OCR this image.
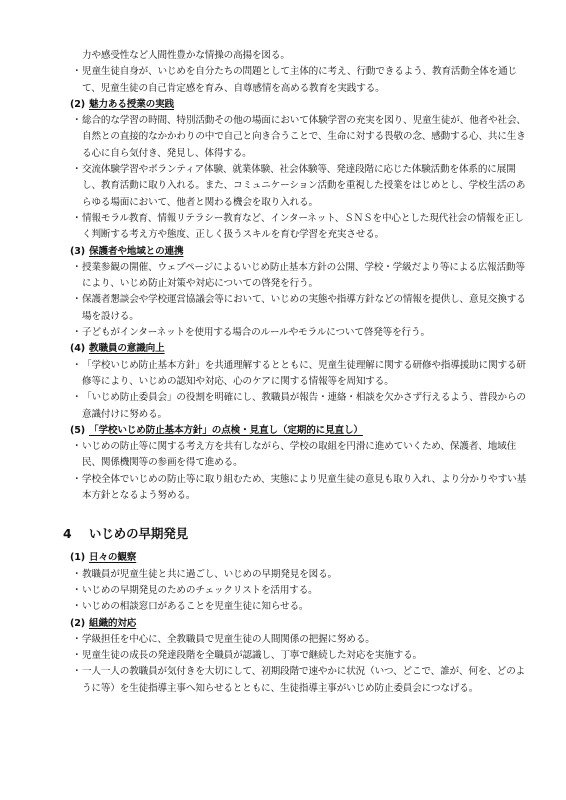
力や感受性など人間性豊かな情操の高揚を図る。

・ 児童生徒自身が、いじめを自分たちの問題として主体的に考え、行動できるよう、教育活動全体を通じて、児童生徒の自己肯定感を育み、自尊感情を高める教育を実践する。

(2) 魅力ある授業の実践

・ 総合的な学習の時間、特別活動その他の場面において体験学習の充実を図り、児童生徒が、他者や社会、自然との直接的なかかわりの中で自己と向き合うことで、生命に対する畏敬の念、感動する心、共に生きる心に自ら気付き、発見し、体得する。
・ 交流体験学習やボランティア体験、就業体験、社会体験等、発達段階に応じた体験活動を体系的に展開し、教育活動に取り入れる。また、コミュニケーション活動を重視した授業をはじめとし、学校生活のあらゆる場面において、他者と関わる機会を取り入れる。
・ 情報モラル教育、情報リテラシー教育など、インターネット、ＳＮＳを中心とした現代社会の情報を正しく判断する考え方や態度、正しく扱うスキルを育む学習を充実させる。

(3) 保護者や地域との連携

・ 授業参観の開催、ウェブページによるいじめ防止基本方針の公開、学校・学級だより等による広報活動等により、いじめ防止対策や対応についての啓発を行う。
・ 保護者懇談会や学校運営協議会等において、いじめの実態や指導方針などの情報を提供し、意見交換する場を設ける。
・ 子どもがインターネットを使用する場合のルールやモラルについて啓発等を行う。

(4) 教職員の意識向上

・ 「学校いじめ防止基本方針」を共通理解するとともに、児童生徒理解に関する研修や指導援助に関する研修等により、いじめの認知や対応、心のケアに関する情報等を周知する。
・ 「いじめ防止委員会」の役割を明確にし、教職員が報告・連絡・相談を欠かさず行えるよう、普段からの意識付けに努める。

(5) 「学校いじめ防止基本方針」の点検・見直し（定期的に見直し）

・ いじめの防止等に関する考え方を共有しながら、学校の取組を円滑に進めていくため、保護者、地域住民、関係機関等の参画を得て進める。
・ 学校全体でいじめの防止等に取り組むため、実態により児童生徒の意見も取り入れ、より分かりやすい基本方針となるよう努める。
4 いじめの早期発見

(1) 日々の観察

・ 教職員が児童生徒と共に過ごし、いじめの早期発見を図る。
・ いじめの早期発見のためのチェックリストを活用する。
・ いじめの相談窓口があることを児童生徒に知らせる。

(2) 組織的対応

・ 学級担任を中心に、全教職員で児童生徒の人間関係の把握に努める。
・ 児童生徒の成長の発達段階を全職員が認識し、丁寧で継続した対応を実施する。
・ 一人一人の教職員が気付きを大切にして、初期段階で速やかに状況（いつ、どこで、誰が、何を、どのように等）を生徒指導主事へ知らせるとともに、生徒指導主事がいじめ防止委員会につなげる。
